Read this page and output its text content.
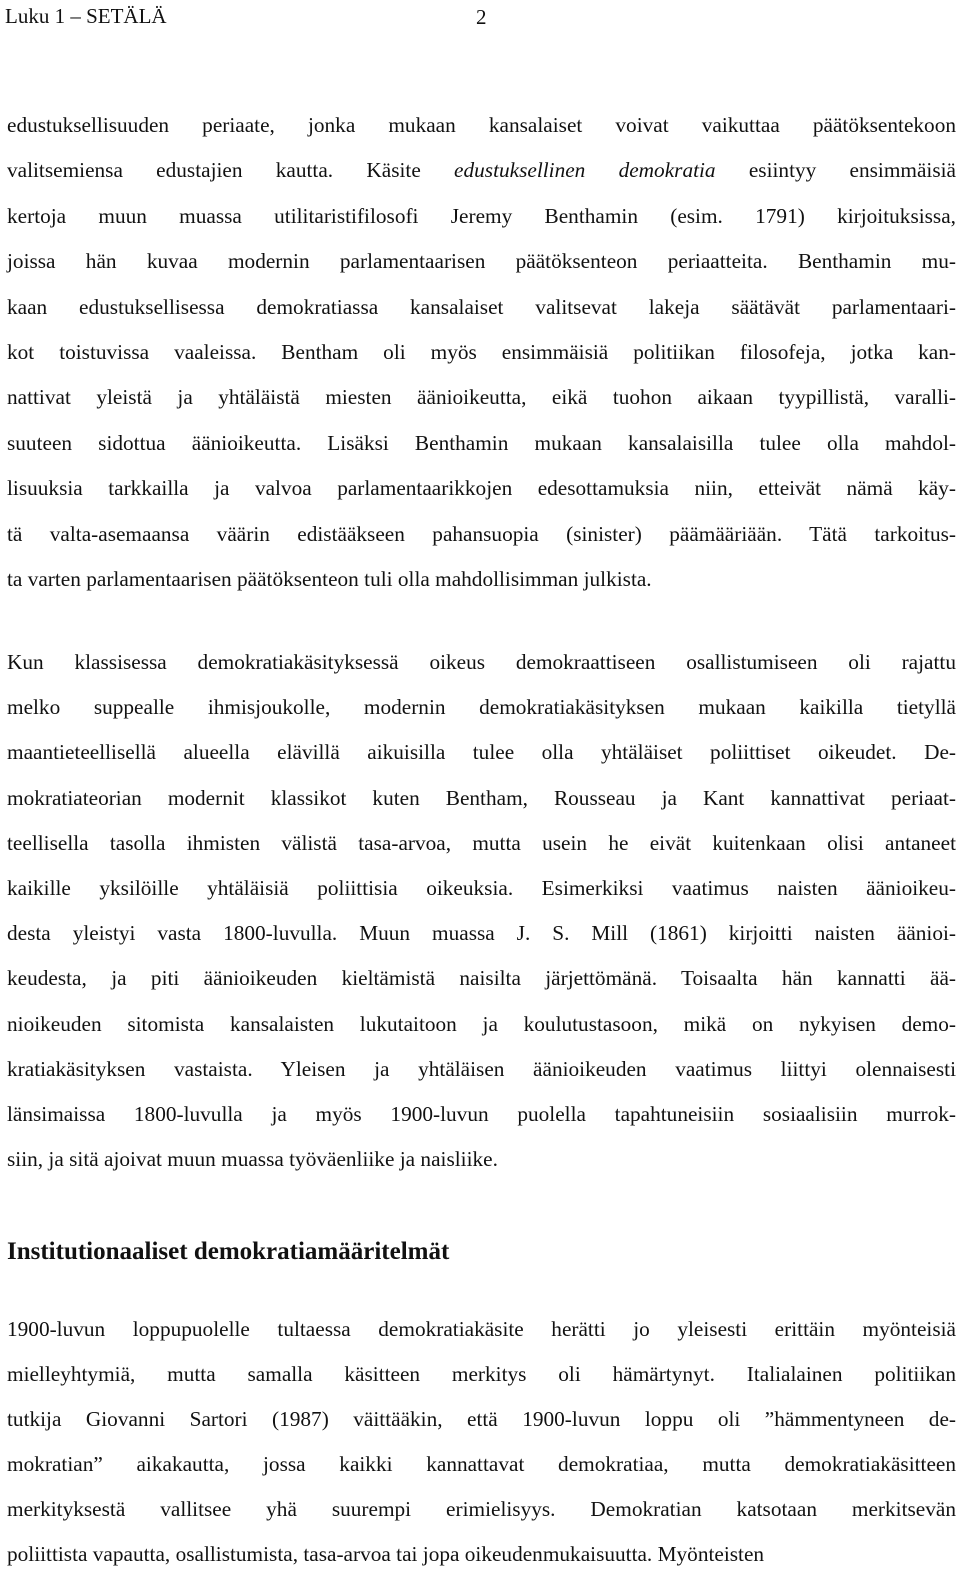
Luku 1 – SETÄLÄ	2
edustuksellisuuden periaate, jonka mukaan kansalaiset voivat vaikuttaa päätöksentekoon
valitsemiensa edustajien kautta. Käsite edustuksellinen demokratia esiintyy ensimmäisiä
kertoja muun muassa utilitaristifilosofi Jeremy Benthamin (esim. 1791) kirjoituksissa,
joissa hän kuvaa modernin parlamentaarisen päätöksenteon periaatteita. Benthamin mu-
kaan edustuksellisessa demokratiassa kansalaiset valitsevat lakeja säätävät parlamentaari-
kot toistuvissa vaaleissa. Bentham oli myös ensimmäisiä politiikan filosofeja, jotka kan-
nattivat yleistä ja yhtäläistä miesten äänioikeutta, eikä tuohon aikaan tyypillistä, varalli-
suuteen sidottua äänioikeutta. Lisäksi Benthamin mukaan kansalaisilla tulee olla mahdol-
lisuuksia tarkkailla ja valvoa parlamentaarikkojen edesottamuksia niin, etteivät nämä käy-
tä valta-asemaansa väärin edistääkseen pahansuopia (sinister) päämääriään. Tätä tarkoitus-
ta varten parlamentaarisen päätöksenteon tuli olla mahdollisimman julkista.
Kun klassisessa demokratiakäsityksessä oikeus demokraattiseen osallistumiseen oli rajattu
melko suppealle ihmisjoukolle, modernin demokratiakäsityksen mukaan kaikilla tietyllä
maantieteellisellä alueella elävillä aikuisilla tulee olla yhtäläiset poliittiset oikeudet. De-
mokratiateorian modernit klassikot kuten Bentham, Rousseau ja Kant kannattivat periaat-
teellisella tasolla ihmisten välistä tasa-arvoa, mutta usein he eivät kuitenkaan olisi antaneet
kaikille yksilöille yhtäläisiä poliittisia oikeuksia. Esimerkiksi vaatimus naisten äänioikeu-
desta yleistyi vasta 1800-luvulla. Muun muassa J. S. Mill (1861) kirjoitti naisten äänioi-
keudesta, ja piti äänioikeuden kieltämistä naisilta järjettömänä. Toisaalta hän kannatti ää-
nioikeuden sitomista kansalaisten lukutaitoon ja koulutustasoon, mikä on nykyisen demo-
kratiakäsityksen vastaista. Yleisen ja yhtäläisen äänioikeuden vaatimus liittyi olennaisesti
länsimaissa 1800-luvulla ja myös 1900-luvun puolella tapahtuneisiin sosiaalisiin murrok-
siin, ja sitä ajoivat muun muassa työväenliike ja naisliike.
Institutionaaliset demokratiamääritelmät
1900-luvun loppupuolelle tultaessa demokratiakäsite herätti jo yleisesti erittäin myönteisiä
mielleyhtymiä, mutta samalla käsitteen merkitys oli hämärtynyt. Italialainen politiikan
tutkija Giovanni Sartori (1987) väittääkin, että 1900-luvun loppu oli ”hämmentyneen de-
mokratian” aikakautta, jossa kaikki kannattavat demokratiaa, mutta demokratiakäsitteen
merkityksestä vallitsee yhä suurempi erimielisyys. Demokratian katsotaan merkitsevän
poliittista vapautta, osallistumista, tasa-arvoa tai jopa oikeudenmukaisuutta. Myönteisten
